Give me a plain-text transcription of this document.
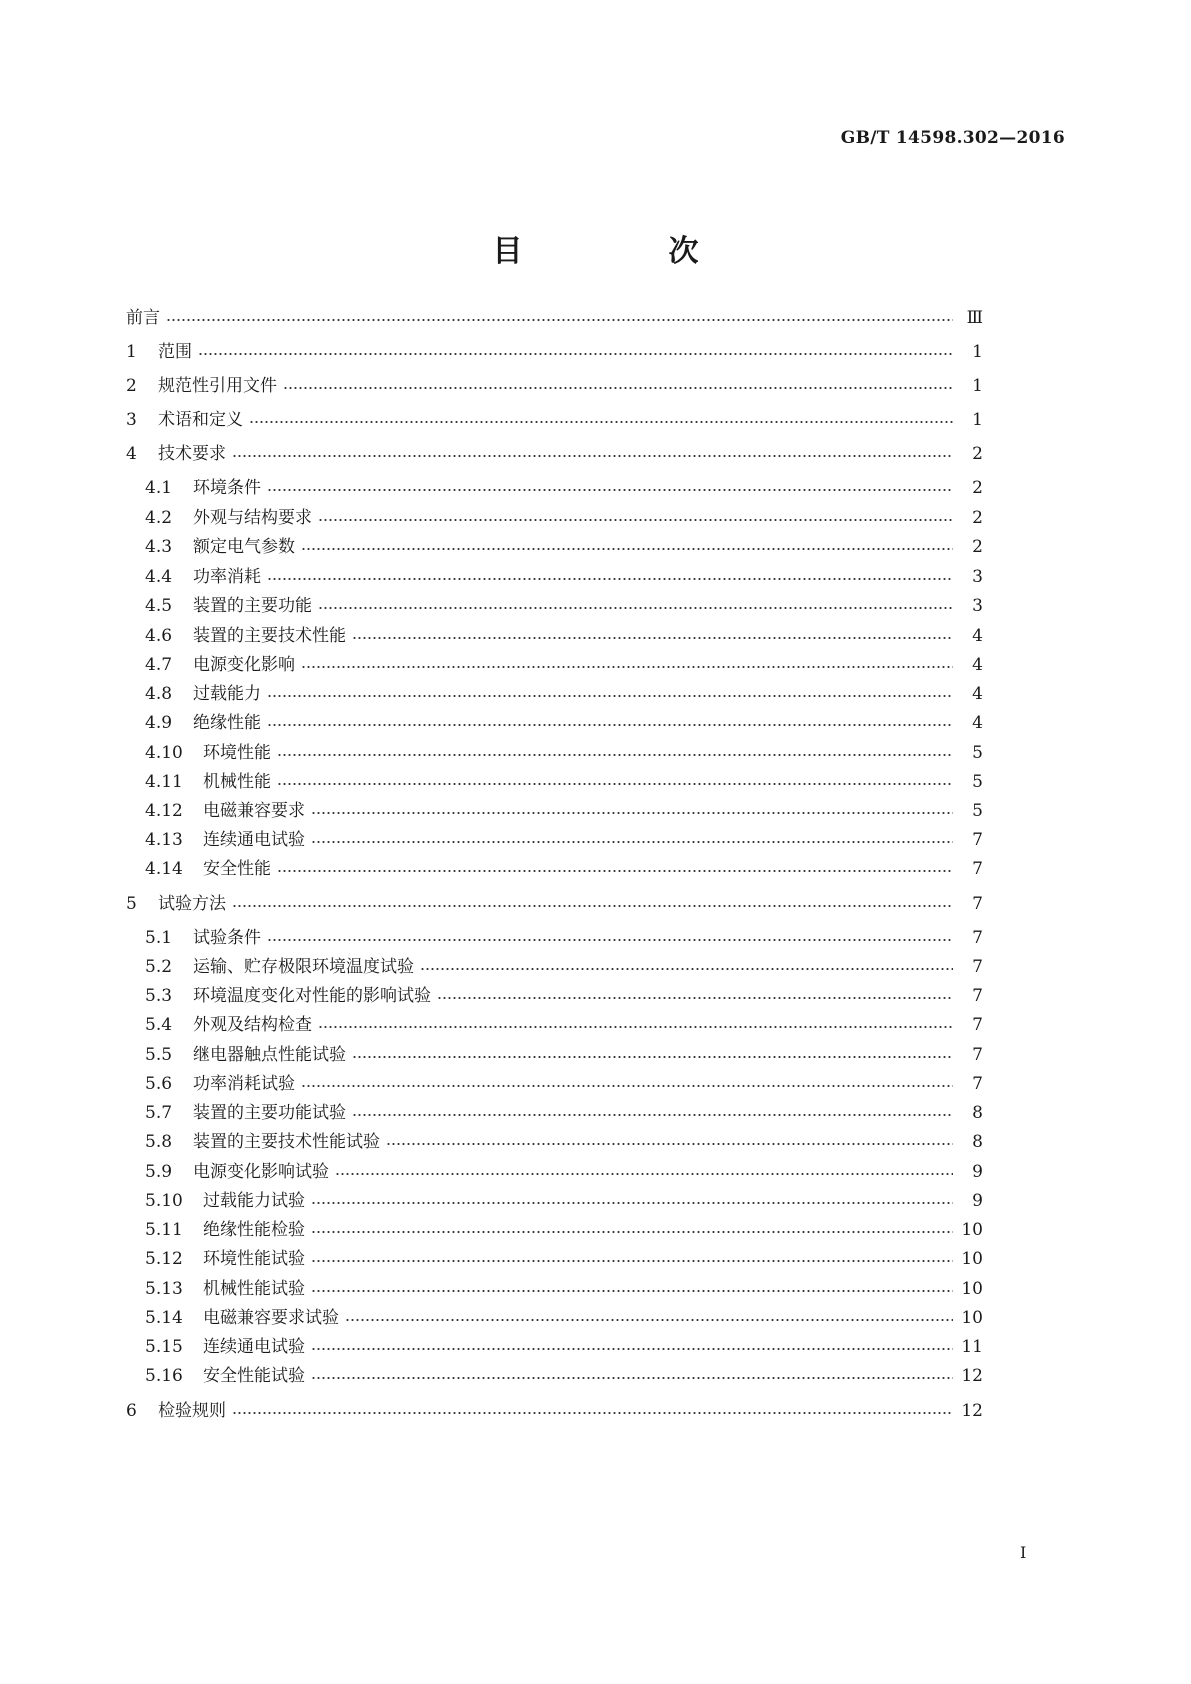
GB/T 14598.302—2016
目　次
前言	Ⅲ
1	范围	1
2	规范性引用文件	1
3	术语和定义	1
4	技术要求	2
4.1	环境条件	2
4.2	外观与结构要求	2
4.3	额定电气参数	2
4.4	功率消耗	3
4.5	装置的主要功能	3
4.6	装置的主要技术性能	4
4.7	电源变化影响	4
4.8	过载能力	4
4.9	绝缘性能	4
4.10	环境性能	5
4.11	机械性能	5
4.12	电磁兼容要求	5
4.13	连续通电试验	7
4.14	安全性能	7
5	试验方法	7
5.1	试验条件	7
5.2	运输、贮存极限环境温度试验	7
5.3	环境温度变化对性能的影响试验	7
5.4	外观及结构检查	7
5.5	继电器触点性能试验	7
5.6	功率消耗试验	7
5.7	装置的主要功能试验	8
5.8	装置的主要技术性能试验	8
5.9	电源变化影响试验	9
5.10	过载能力试验	9
5.11	绝缘性能检验	10
5.12	环境性能试验	10
5.13	机械性能试验	10
5.14	电磁兼容要求试验	10
5.15	连续通电试验	11
5.16	安全性能试验	12
6	检验规则	12
I
